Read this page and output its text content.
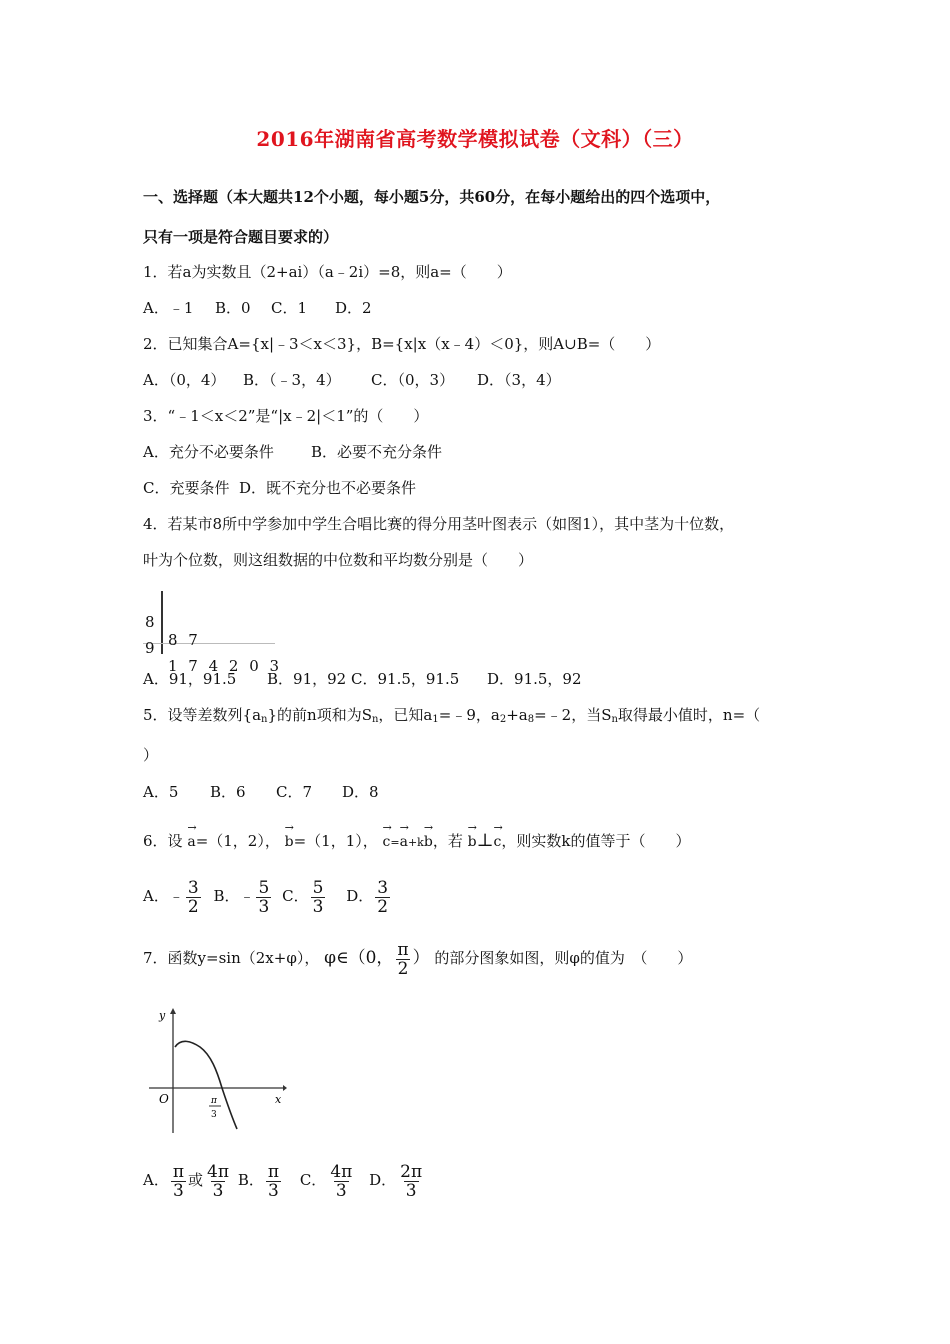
2016年湖南省高考数学模拟试卷（文科）（三）
一、选择题（本大题共12个小题，每小题5分，共60分，在每小题给出的四个选项中，
只有一项是符合题目要求的）
1．若a为实数且（2+ai）（a﹣2i）=8，则a=（　　）
A．﹣1 B．0 C．1 D．2
2．已知集合A={x|﹣3＜x＜3}，B={x|x（x﹣4）＜0}，则A∪B=（　　）
A．（0，4） B．（﹣3，4） C．（0，3） D．（3，4）
3．“﹣1＜x＜2”是“|x﹣2|＜1”的（　　）
A．充分不必要条件 B．必要不充分条件
C．充要条件 D．既不充分也不必要条件
4．若某市8所中学参加中学生合唱比赛的得分用茎叶图表示（如图1），其中茎为十位数，
叶为个位数，则这组数据的中位数和平均数分别是（　　）

8

8 7

9

1 7 4 2 0 3

A．91，91.5 B．91，92 C．91.5，91.5 D．91.5，92
5．设等差数列$\{a_n\}$的前n项和为$S_n$，已知$a_1=﹣9$，$a_2+a_8=﹣2$，当$S_n$取得最小值时，n=（
）
A．5 B．6 C．7 D．8
6．设 → a=（1，2）， → b=（1，1）， → c=→ a+k→ b，若 → b⊥→ c，则实数k的值等于（　　）
A．﹣ $\frac{3}{2}$ B．﹣ $\frac{5}{3}$ C． $\frac{5}{3}$ D． $\frac{3}{2}$
7．函数y=sin（2x+φ）， φ∈（0， $\frac{\pi}{2}$ ） 的部分图象如图，则φ的值为　（　　）
y
x
O	π
3
A． $\frac{\pi}{3}$ 或 $\frac{4\pi}{3}$ B． $\frac{\pi}{3}$ C． $\frac{4\pi}{3}$ D． $\frac{2\pi}{3}$
